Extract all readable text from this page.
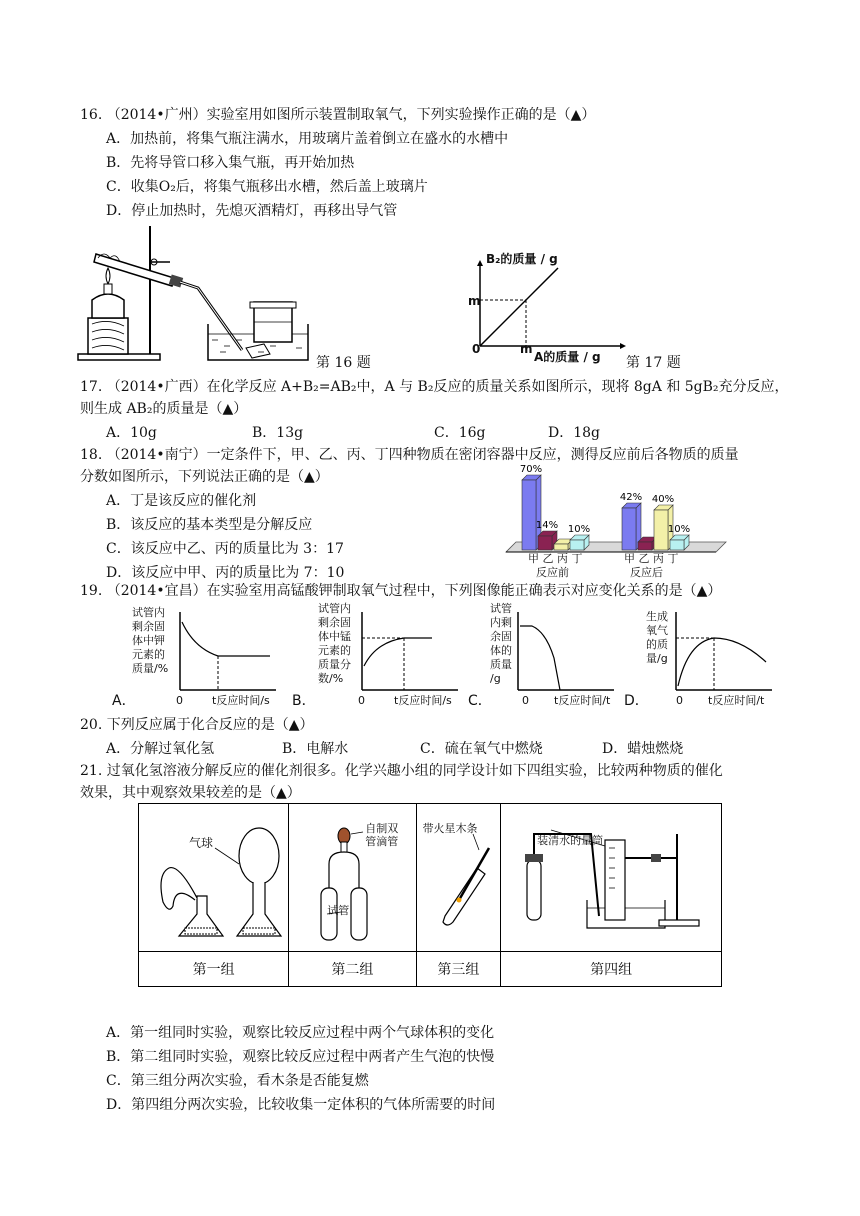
16. （2014•广州）实验室用如图所示装置制取氧气，下列实验操作正确的是（▲）
A．加热前，将集气瓶注满水，用玻璃片盖着倒立在盛水的水槽中
B．先将导管口移入集气瓶，再开始加热
C．收集O₂后，将集气瓶移出水槽，然后盖上玻璃片
D．停止加热时，先熄灭酒精灯，再移出导气管
第 16 题
B₂的质量 / g
m
0	m
A的质量 / g 第 17 题
17. （2014•广西）在化学反应 A+B₂=AB₂中，A 与 B₂反应的质量关系如图所示，现将 8gA 和 5gB₂充分反应，
则生成 AB₂的质量是（▲）
A．10g	B．13g	C．16g	D．18g
18. （2014•南宁）一定条件下，甲、乙、丙、丁四种物质在密闭容器中反应，测得反应前后各物质的质量
分数如图所示，下列说法正确的是（▲）
A．丁是该反应的催化剂
B．该反应的基本类型是分解反应
C．该反应中乙、丙的质量比为 3：17
D．该反应中甲、丙的质量比为 7：10
70%
14% 10%
42% 40%
10%
甲 乙 丙 丁
反应前
甲 乙 丙 丁
反应后
19. （2014•宜昌）在实验室用高锰酸钾制取氧气过程中，下列图像能正确表示对应变化关系的是（▲）
试管内
剩余固
体中钾
元素的
质量/%
A．	0	t反应时间/s
试管内
剩余固
体中锰
元素的
质量分
数/%
B．	0	t反应时间/s
试管
内剩
余固
体的
质量
/g
C．	0 t反应时间/t
生成
氧气
的质
量/g
D． 0 t反应时间/t
20. 下列反应属于化合反应的是（▲）
A．分解过氧化氢	B．电解水	C．硫在氧气中燃烧	D．蜡烛燃烧
21. 过氧化氢溶液分解反应的催化剂很多。化学兴趣小组的同学设计如下四组实验，比较两种物质的催化
效果，其中观察效果较差的是（▲）
气球	自制双
管滴管
试管	带火星木条	装清水的量筒

第一组	第二组	第三组	第四组
A．第一组同时实验，观察比较反应过程中两个气球体积的变化
B．第二组同时实验，观察比较反应过程中两者产生气泡的快慢
C．第三组分两次实验，看木条是否能复燃
D．第四组分两次实验，比较收集一定体积的气体所需要的时间
